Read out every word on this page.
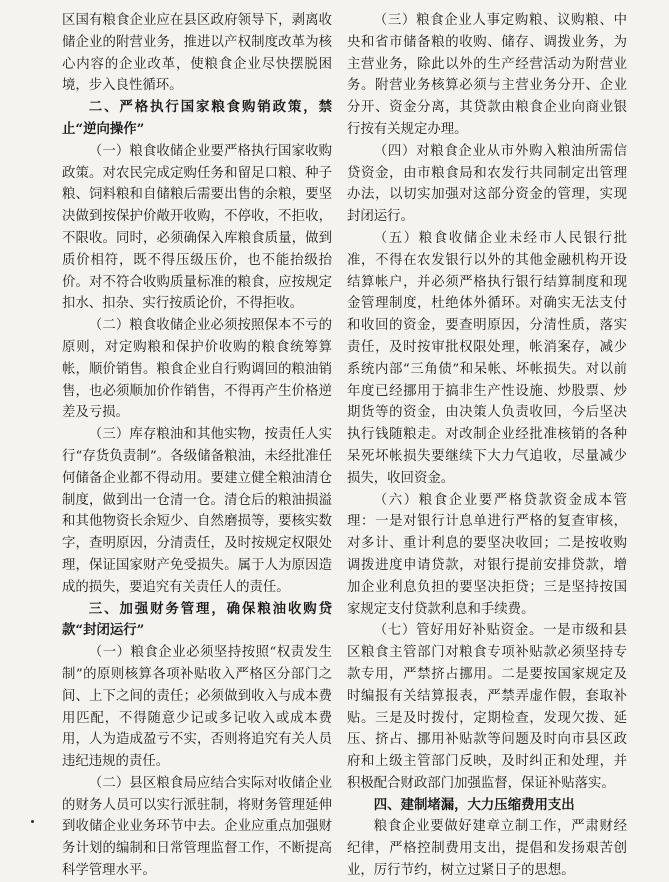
区国有粮食企业应在县区政府领导下，剥离收储企业的附营业务，推进以产权制度改革为核心内容的企业改革，使粮食企业尽快摆脱困境，步入良性循环。

二、严格执行国家粮食购销政策，禁止“逆向操作”

（一）粮食收储企业要严格执行国家收购政策。对农民完成定购任务和留足口粮、种子粮、饲料粮和自储粮后需要出售的余粮，要坚决做到按保护价敞开收购，不停收，不拒收，不限收。同时，必须确保入库粮食质量，做到质价相符，既不得压级压价，也不能抬级抬价。对不符合收购质量标准的粮食，应按规定扣水、扣杂、实行按质论价，不得拒收。

（二）粮食收储企业必须按照保本不亏的原则，对定购粮和保护价收购的粮食统筹算帐，顺价销售。粮食企业自行购调回的粮油销售，也必须顺加价作销售，不得再产生价格逆差及亏损。

（三）库存粮油和其他实物，按责任人实行“存货负责制”。各级储备粮油，未经批准任何储备企业都不得动用。要建立健全粮油清仓制度，做到出一仓清一仓。清仓后的粮油损溢和其他物资长余短少、自然磨损等，要核实数字，查明原因，分清责任，及时按规定权限处理，保证国家财产免受损失。属于人为原因造成的损失，要追究有关责任人的责任。

三、加强财务管理，确保粮油收购贷款“封闭运行”

（一）粮食企业必须坚持按照“权责发生制”的原则核算各项补贴收入严格区分部门之间、上下之间的责任；必须做到收入与成本费用匹配，不得随意少记或多记收入或成本费用，人为造成盈亏不实，否则将追究有关人员违纪违规的责任。

（二）县区粮食局应结合实际对收储企业的财务人员可以实行派驻制，将财务管理延伸到收储企业业务环节中去。企业应重点加强财务计划的编制和日常管理监督工作，不断提高科学管理水平。

（三）粮食企业人事定购粮、议购粮、中央和省市储备粮的收购、储存、调拨业务，为主营业务，除此以外的生产经营活动为附营业务。附营业务核算必须与主营业务分开、企业分开、资金分离，其贷款由粮食企业向商业银行按有关规定办理。

（四）对粮食企业从市外购入粮油所需信贷资金，由市粮食局和农发行共同制定出管理办法，以切实加强对这部分资金的管理，实现封闭运行。

（五）粮食收储企业未经市人民银行批准，不得在农发银行以外的其他金融机构开设结算帐户，并必须严格执行银行结算制度和现金管理制度，杜绝体外循环。对确实无法支付和收回的资金，要查明原因，分清性质，落实责任，及时按审批权限处理，帐消案存，减少系统内部“三角债”和呆帐、坏帐损失。对以前年度已经挪用于搞非生产性设施、炒股票、炒期货等的资金，由决策人负责收回，今后坚决执行钱随粮走。对改制企业经批准核销的各种呆死坏帐损失要继续下大力气追收，尽量减少损失，收回资金。

（六）粮食企业要严格贷款资金成本管理：一是对银行计息单进行严格的复查审核，对多计、重计利息的要坚决收回；二是按收购调拨进度申请贷款，对银行提前安排贷款，增加企业利息负担的要坚决拒贷；三是坚持按国家规定支付贷款利息和手续费。

（七）管好用好补贴资金。一是市级和县区粮食主管部门对粮食专项补贴款必须坚持专款专用，严禁挤占挪用。二是要按国家规定及时编报有关结算报表，严禁弄虚作假，套取补贴。三是及时拨付，定期检查，发现欠拨、延压、挤占、挪用补贴款等问题及时向市县区政府和上级主管部门反映，及时纠正和处理，并积极配合财政部门加强监督，保证补贴落实。

四、建制堵漏，大力压缩费用支出

粮食企业要做好建章立制工作，严肃财经纪律，严格控制费用支出，提倡和发扬艰苦创业，厉行节约，树立过紧日子的思想。
